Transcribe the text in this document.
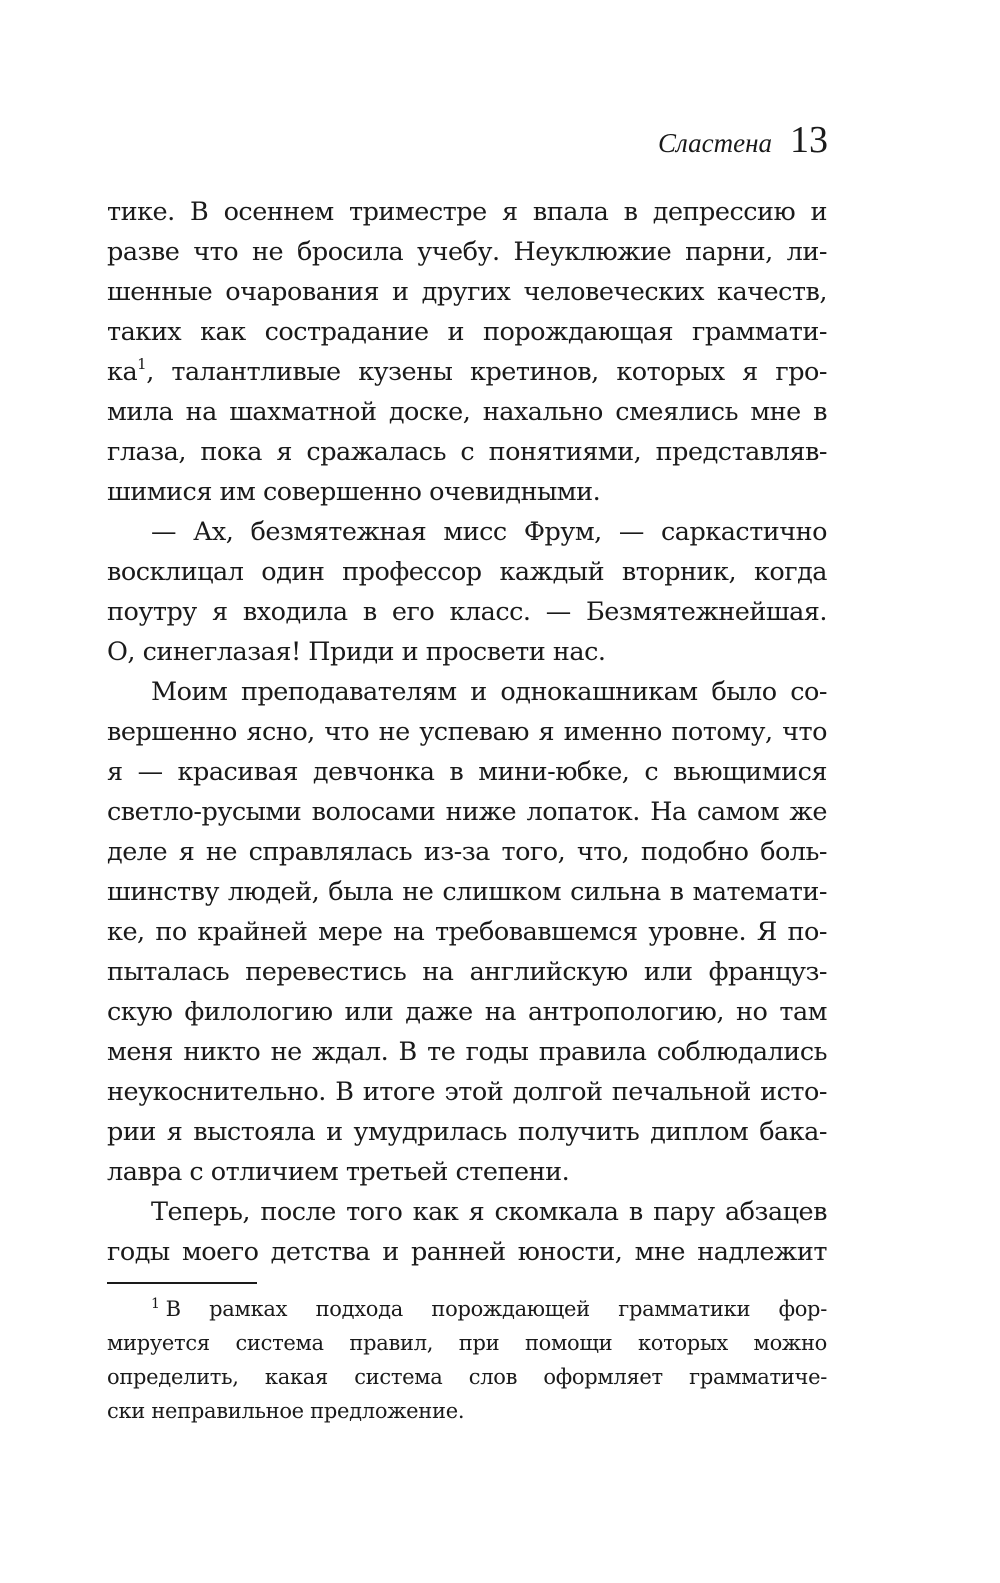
Сластена 13
тике. В осеннем триместре я впала в депрессию и
разве что не бросила учебу. Неуклюжие парни, ли-
шенные очарования и других человеческих качеств,
таких как сострадание и порождающая граммати-
$ка^1$, талантливые кузены кретинов, которых я гро-
мила на шахматной доске, нахально смеялись мне в
глаза, пока я сражалась с понятиями, представляв-
шимися им совершенно очевидными.
— Ах, безмятежная мисс Фрум, — саркастично
восклицал один профессор каждый вторник, когда
поутру я входила в его класс. — Безмятежнейшая.
О, синеглазая! Приди и просвети нас.
Моим преподавателям и однокашникам было со-
вершенно ясно, что не успеваю я именно потому, что
я — красивая девчонка в мини-юбке, с вьющимися
светло-русыми волосами ниже лопаток. На самом же
деле я не справлялась из-за того, что, подобно боль-
шинству людей, была не слишком сильна в математи-
ке, по крайней мере на требовавшемся уровне. Я по-
пыталась перевестись на английскую или француз-
скую филологию или даже на антропологию, но там
меня никто не ждал. В те годы правила соблюдались
неукоснительно. В итоге этой долгой печальной исто-
рии я выстояла и умудрилась получить диплом бака-
лавра с отличием третьей степени.
Теперь, после того как я скомкала в пару абзацев
годы моего детства и ранней юности, мне надлежит
$^1$ В рамках подхода порождающей грамматики фор-
мируется система правил, при помощи которых можно
определить, какая система слов оформляет грамматиче-
ски неправильное предложение.
